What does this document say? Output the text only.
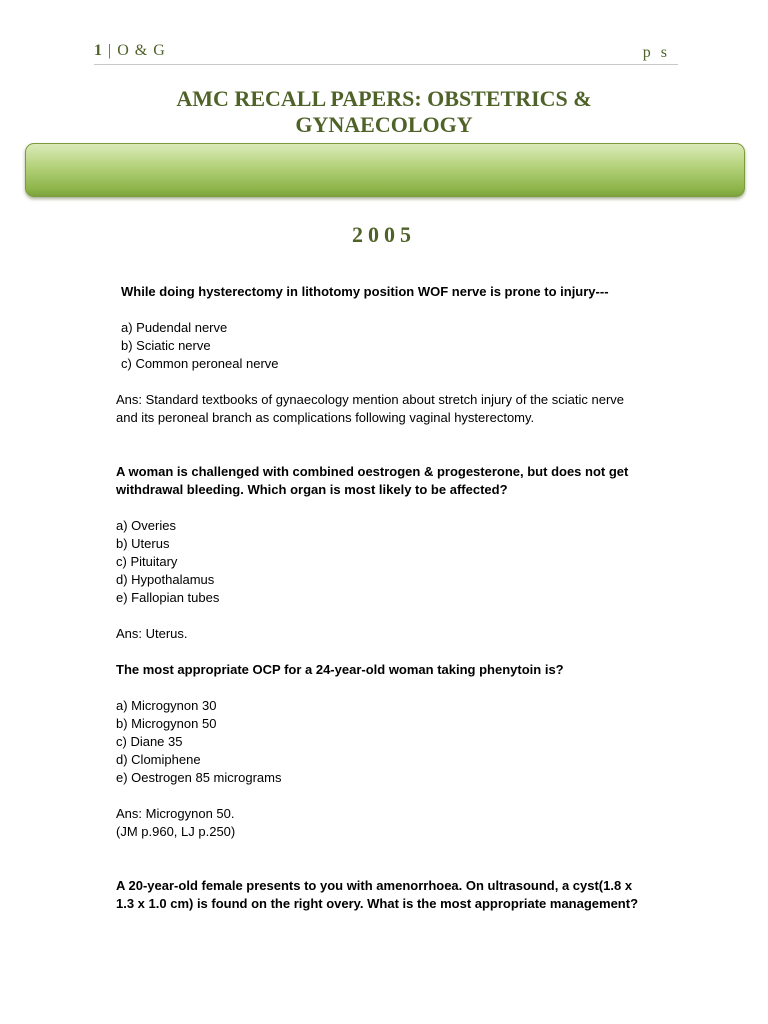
1 | O & G	p s
AMC RECALL PAPERS: OBSTETRICS &
GYNAECOLOGY
2005

While doing hysterectomy in lithotomy position WOF nerve is prone to injury---

a) Pudendal nerve

b) Sciatic nerve

c) Common peroneal nerve

Ans: Standard textbooks of gynaecology mention about stretch injury of the sciatic nerve

and its peroneal branch as complications following vaginal hysterectomy.

A woman is challenged with combined oestrogen & progesterone, but does not get

withdrawal bleeding. Which organ is most likely to be affected?

a) Overies

b) Uterus

c) Pituitary

d) Hypothalamus

e) Fallopian tubes

Ans: Uterus.

The most appropriate OCP for a 24-year-old woman taking phenytoin is?

a) Microgynon 30

b) Microgynon 50

c) Diane 35

d) Clomiphene

e) Oestrogen 85 micrograms

Ans: Microgynon 50.

(JM p.960, LJ p.250)

A 20-year-old female presents to you with amenorrhoea. On ultrasound, a cyst(1.8 x

1.3 x 1.0 cm) is found on the right overy. What is the most appropriate management?
